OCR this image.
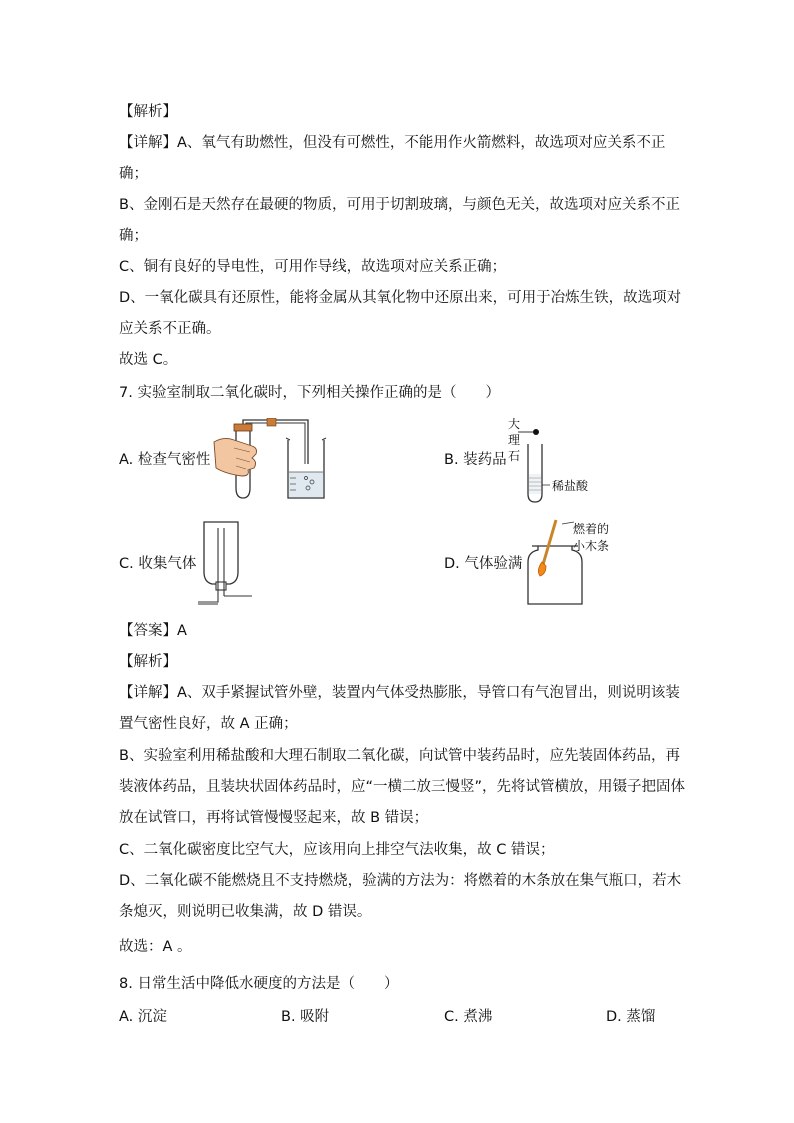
【解析】
【详解】A、氧气有助燃性，但没有可燃性，不能用作火箭燃料，故选项对应关系不正
确；
B、金刚石是天然存在最硬的物质，可用于切割玻璃，与颜色无关，故选项对应关系不正
确；
C、铜有良好的导电性，可用作导线，故选项对应关系正确；
D、一氧化碳具有还原性，能将金属从其氧化物中还原出来，可用于冶炼生铁，故选项对
应关系不正确。
故选 C。
7. 实验室制取二氧化碳时，下列相关操作正确的是（　　）
A. 检查气密性	B. 装药品
大
理
石
稀盐酸
C. 收集气体	D. 气体验满
燃着的
小木条
【答案】A
【解析】
【详解】A、双手紧握试管外壁，装置内气体受热膨胀，导管口有气泡冒出，则说明该装
置气密性良好，故 A 正确；
B、实验室利用稀盐酸和大理石制取二氧化碳，向试管中装药品时，应先装固体药品，再
装液体药品，且装块状固体药品时，应“一横二放三慢竖”，先将试管横放，用镊子把固体
放在试管口，再将试管慢慢竖起来，故 B 错误；
C、二氧化碳密度比空气大，应该用向上排空气法收集，故 C 错误；
D、二氧化碳不能燃烧且不支持燃烧，验满的方法为：将燃着的木条放在集气瓶口，若木
条熄灭，则说明已收集满，故 D 错误。
故选：A 。
8. 日常生活中降低水硬度的方法是（　　）
A. 沉淀	B. 吸附	C. 煮沸	D. 蒸馏
